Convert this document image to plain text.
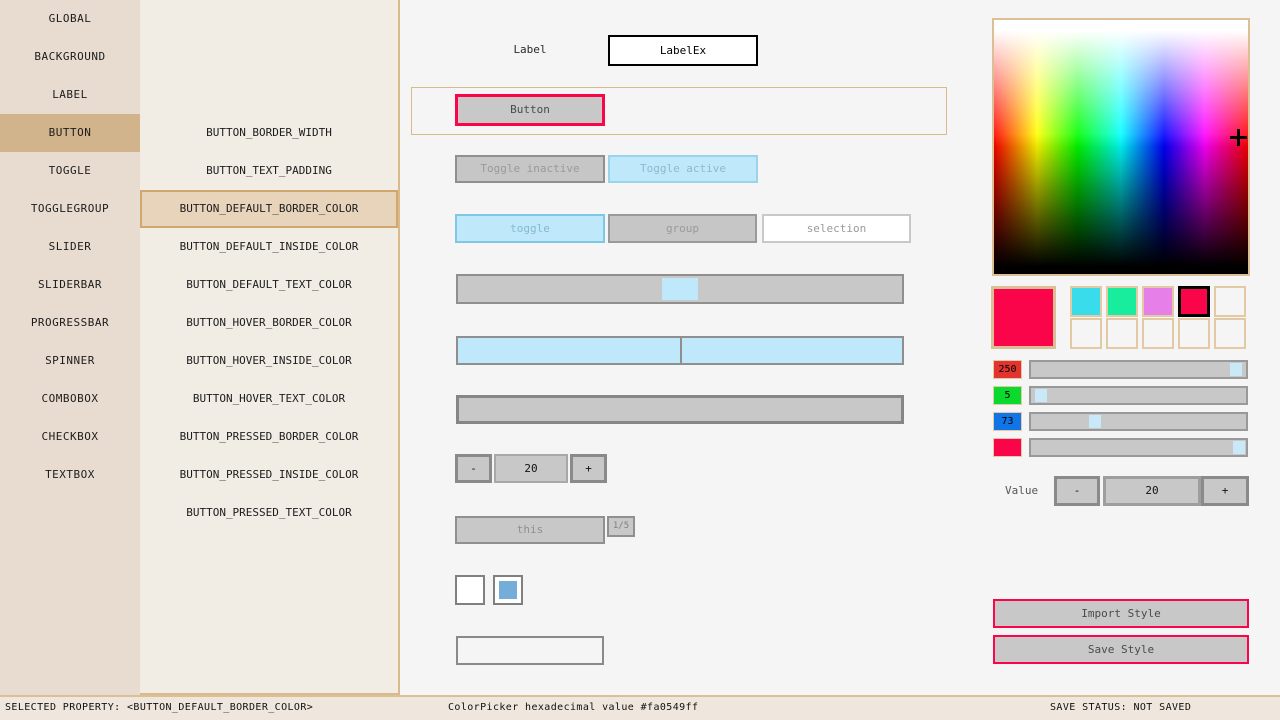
GLOBAL
BACKGROUND
LABEL
BUTTON
TOGGLE
TOGGLEGROUP
SLIDER
SLIDERBAR
PROGRESSBAR
SPINNER
COMBOBOX
CHECKBOX
TEXTBOX
BUTTON_BORDER_WIDTH
BUTTON_TEXT_PADDING
BUTTON_DEFAULT_BORDER_COLOR
BUTTON_DEFAULT_INSIDE_COLOR
BUTTON_DEFAULT_TEXT_COLOR
BUTTON_HOVER_BORDER_COLOR
BUTTON_HOVER_INSIDE_COLOR
BUTTON_HOVER_TEXT_COLOR
BUTTON_PRESSED_BORDER_COLOR
BUTTON_PRESSED_INSIDE_COLOR
BUTTON_PRESSED_TEXT_COLOR
Label	LabelEx
Button
Toggle inactive	Toggle active
toggle	group	selection
-	20	+
this	1/5
250
5
73
Value	-	20	+
Import Style
Save Style
SELECTED PROPERTY: <BUTTON_DEFAULT_BORDER_COLOR>	ColorPicker hexadecimal value #fa0549ff	SAVE STATUS: NOT SAVED
